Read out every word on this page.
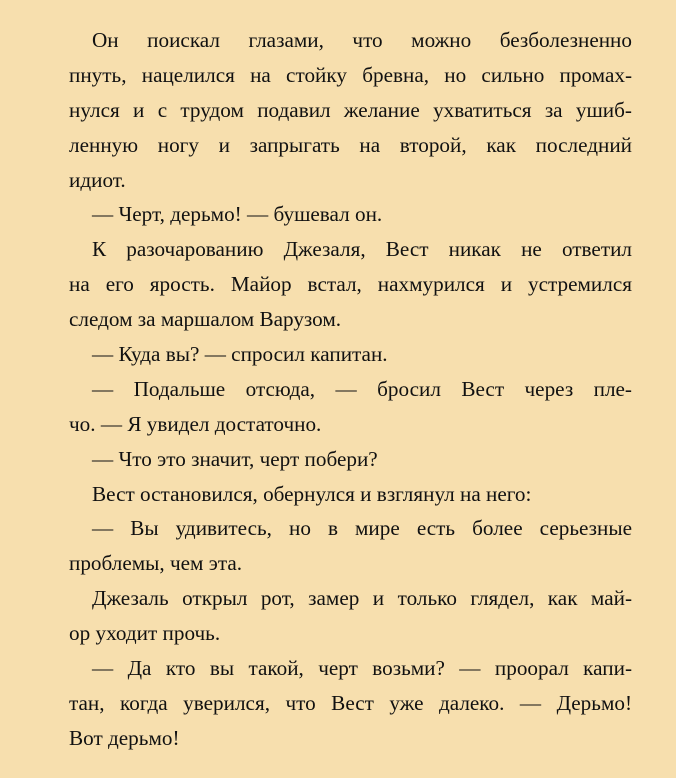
Он поискал глазами, что можно безболезненно
пнуть, нацелился на стойку бревна, но сильно промах-
нулся и с трудом подавил желание ухватиться за ушиб-
ленную ногу и запрыгать на второй, как последний
идиот.
— Черт, дерьмо! — бушевал он.
К разочарованию Джезаля, Вест никак не ответил
на его ярость. Майор встал, нахмурился и устремился
следом за маршалом Варузом.
— Куда вы? — спросил капитан.
— Подальше отсюда, — бросил Вест через пле-
чо. — Я увидел достаточно.
— Что это значит, черт побери?
Вест остановился, обернулся и взглянул на него:
— Вы удивитесь, но в мире есть более серьезные
проблемы, чем эта.
Джезаль открыл рот, замер и только глядел, как май-
ор уходит прочь.
— Да кто вы такой, черт возьми? — проорал капи-
тан, когда уверился, что Вест уже далеко. — Дерьмо!
Вот дерьмо!
